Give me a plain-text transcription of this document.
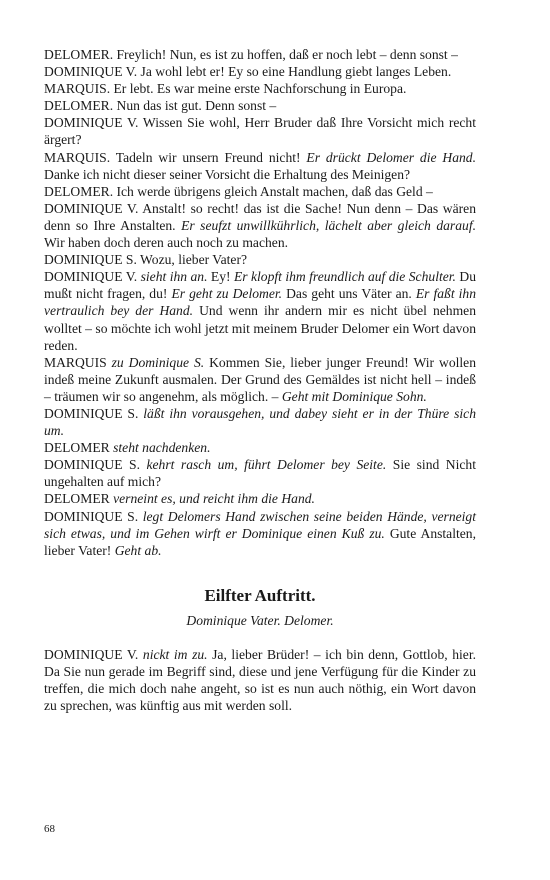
DELOMER. Freylich! Nun, es ist zu hoffen, daß er noch lebt – denn sonst –

DOMINIQUE V. Ja wohl lebt er! Ey so eine Handlung giebt langes Leben.

MARQUIS. Er lebt. Es war meine erste Nachforschung in Europa.

DELOMER. Nun das ist gut. Denn sonst –

DOMINIQUE V. Wissen Sie wohl, Herr Bruder daß Ihre Vorsicht mich recht ärgert?

MARQUIS. Tadeln wir unsern Freund nicht! Er drückt Delomer die Hand. Danke ich nicht dieser seiner Vorsicht die Erhaltung des Meinigen?

DELOMER. Ich werde übrigens gleich Anstalt machen, daß das Geld –

DOMINIQUE V. Anstalt! so recht! das ist die Sache! Nun denn – Das wären denn so Ihre Anstalten. Er seufzt unwillkührlich, lächelt aber gleich darauf. Wir haben doch deren auch noch zu machen.

DOMINIQUE S. Wozu, lieber Vater?

DOMINIQUE V. sieht ihn an. Ey! Er klopft ihm freundlich auf die Schulter. Du mußt nicht fragen, du! Er geht zu Delomer. Das geht uns Väter an. Er faßt ihn vertraulich bey der Hand. Und wenn ihr andern mir es nicht übel nehmen wolltet – so möchte ich wohl jetzt mit meinem Bruder Delomer ein Wort davon reden.

MARQUIS zu Dominique S. Kommen Sie, lieber junger Freund! Wir wollen indeß meine Zukunft ausmalen. Der Grund des Gemäldes ist nicht hell – indeß – träumen wir so angenehm, als möglich. – Geht mit Dominique Sohn.

DOMINIQUE S. läßt ihn vorausgehen, und dabey sieht er in der Thüre sich um.

DELOMER steht nachdenken.

DOMINIQUE S. kehrt rasch um, führt Delomer bey Seite. Sie sind Nicht ungehalten auf mich?

DELOMER verneint es, und reicht ihm die Hand.

DOMINIQUE S. legt Delomers Hand zwischen seine beiden Hände, verneigt sich etwas, und im Gehen wirft er Dominique einen Kuß zu. Gute Anstalten, lieber Vater! Geht ab.

Eilfter Auftritt.
Dominique Vater. Delomer.

DOMINIQUE V. nickt im zu. Ja, lieber Brüder! – ich bin denn, Gottlob, hier. Da Sie nun gerade im Begriff sind, diese und jene Verfügung für die Kinder zu treffen, die mich doch nahe angeht, so ist es nun auch nöthig, ein Wort davon zu sprechen, was künftig aus mit werden soll.

68
